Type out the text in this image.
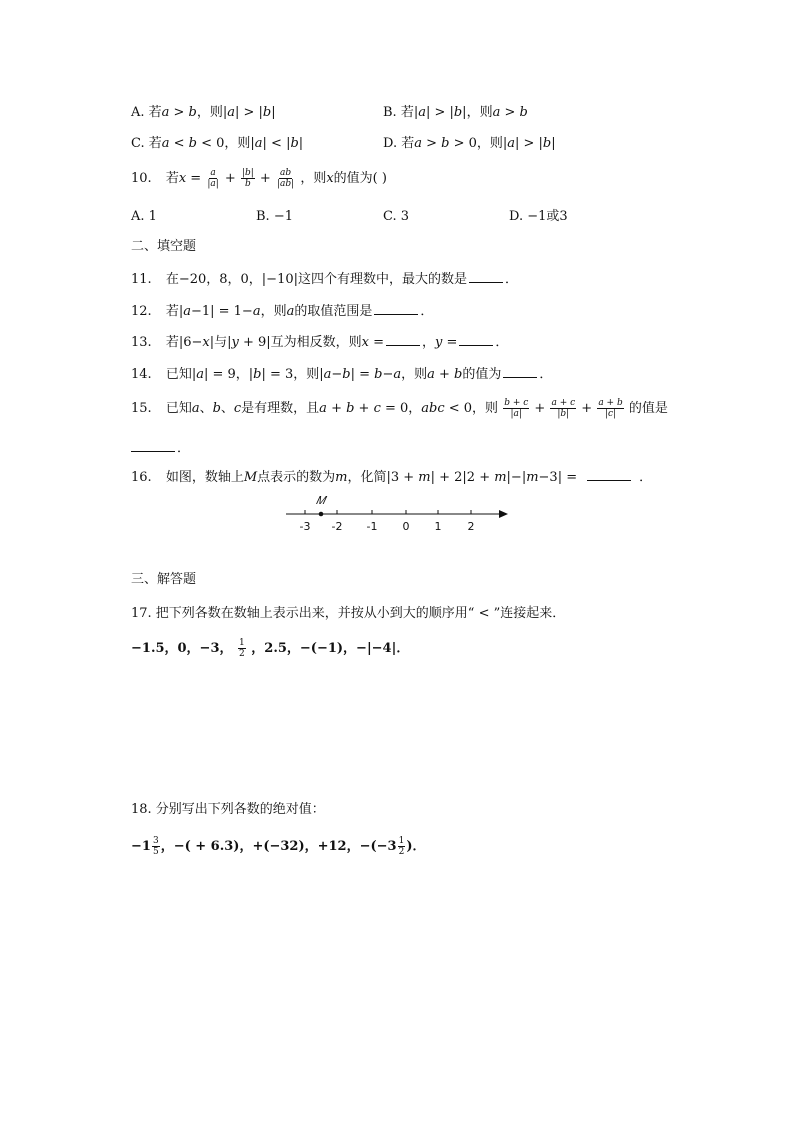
A. 若𝑎 > 𝑏，则|𝑎| > |𝑏|	B. 若|𝑎| > |𝑏|，则𝑎 > 𝑏
C. 若𝑎 < 𝑏 < 0，则|𝑎| < |𝑏|	D. 若𝑎 > 𝑏 > 0，则|𝑎| > |𝑏|
10. 若𝑥 = $\frac{\text{𝑎}}{\text{|𝑎|}} + \frac{\text{|𝑏|}}{\text{𝑏}} + \frac{\text{𝑎𝑏}}{\text{|𝑎𝑏|}}$ ，则𝑥的值为( )
A. 1	B. −1	C. 3	D. −1或3
二、填空题
11. 在−20，8，0，|−10|这四个有理数中，最大的数是	．
12. 若|𝑎−1| = 1−𝑎，则𝑎的取值范围是	．
13. 若|6−𝑥|与|𝑦 + 9|互为相反数，则𝑥 =	，𝑦 =	．
14. 已知|𝑎| = 9，|𝑏| = 3，则|𝑎−𝑏| = 𝑏−𝑎，则𝑎 + 𝑏的值为	．
15. 已知𝑎、𝑏、𝑐是有理数，且𝑎 + 𝑏 + 𝑐 = 0，𝑎𝑏𝑐 < 0，则 $\frac{\text{𝑏 + 𝑐}}{\text{|𝑎|}} + \frac{\text{𝑎 + 𝑐}}{\text{|𝑏|}} + \frac{\text{𝑎 + 𝑏}}{\text{|𝑐|}}$ 的值是
．
16. 如图，数轴上𝑀点表示的数为𝑚，化简|3 + 𝑚| + 2|2 + 𝑚|−|𝑚−3| =	．
-3 -2 -1 0 1 2
𝑀
三、解答题
17. 把下列各数在数轴上表示出来，并按从小到大的顺序用“ < ”连接起来．
−1.5，0，−3， $\frac{1}{2}$ ，2.5，−(−1)，−|−4|．
18. 分别写出下列各数的绝对值：
$-1 \frac{3}{5}$ ，−( + 6.3)，+(−32)，+12，$-(-3 \frac{1}{2}$ )．
